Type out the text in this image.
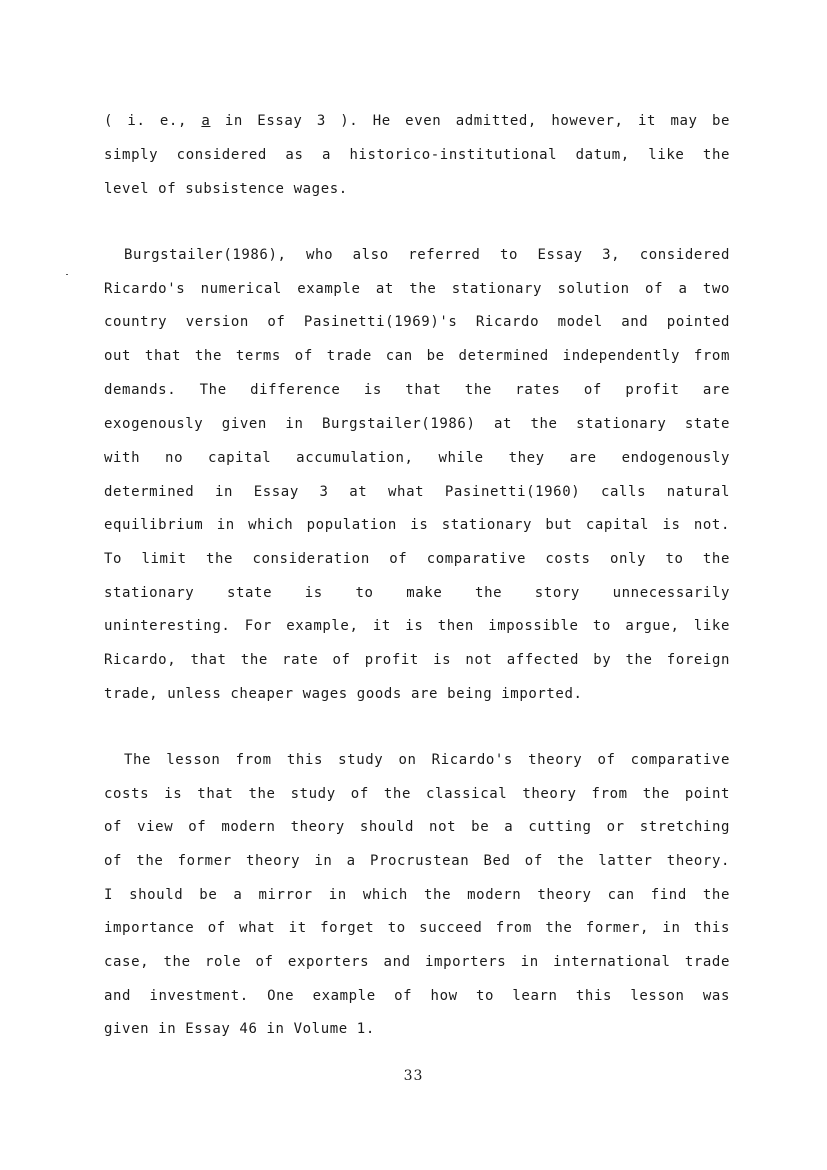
( i. e., a in Essay 3 ). He even admitted, however, it may be
simply considered as a historico-institutional datum, like the
level of subsistence wages.
Burgstailer(1986), who also referred to Essay 3, considered
Ricardo's numerical example at the stationary solution of a two
country version of Pasinetti(1969)'s Ricardo model and pointed
out that the terms of trade can be determined independently from
demands. The difference is that the rates of profit are
exogenously given in Burgstailer(1986) at the stationary state
with no capital accumulation, while they are endogenously
determined in Essay 3 at what Pasinetti(1960) calls natural
equilibrium in which population is stationary but capital is not.
To limit the consideration of comparative costs only to the
stationary state is to make the story unnecessarily
uninteresting. For example, it is then impossible to argue, like
Ricardo, that the rate of profit is not affected by the foreign
trade, unless cheaper wages goods are being imported.
The lesson from this study on Ricardo's theory of comparative
costs is that the study of the classical theory from the point
of view of modern theory should not be a cutting or stretching
of the former theory in a Procrustean Bed of the latter theory.
I should be a mirror in which the modern theory can find the
importance of what it forget to succeed from the former, in this
case, the role of exporters and importers in international trade
and investment. One example of how to learn this lesson was
given in Essay 46 in Volume 1.
33
